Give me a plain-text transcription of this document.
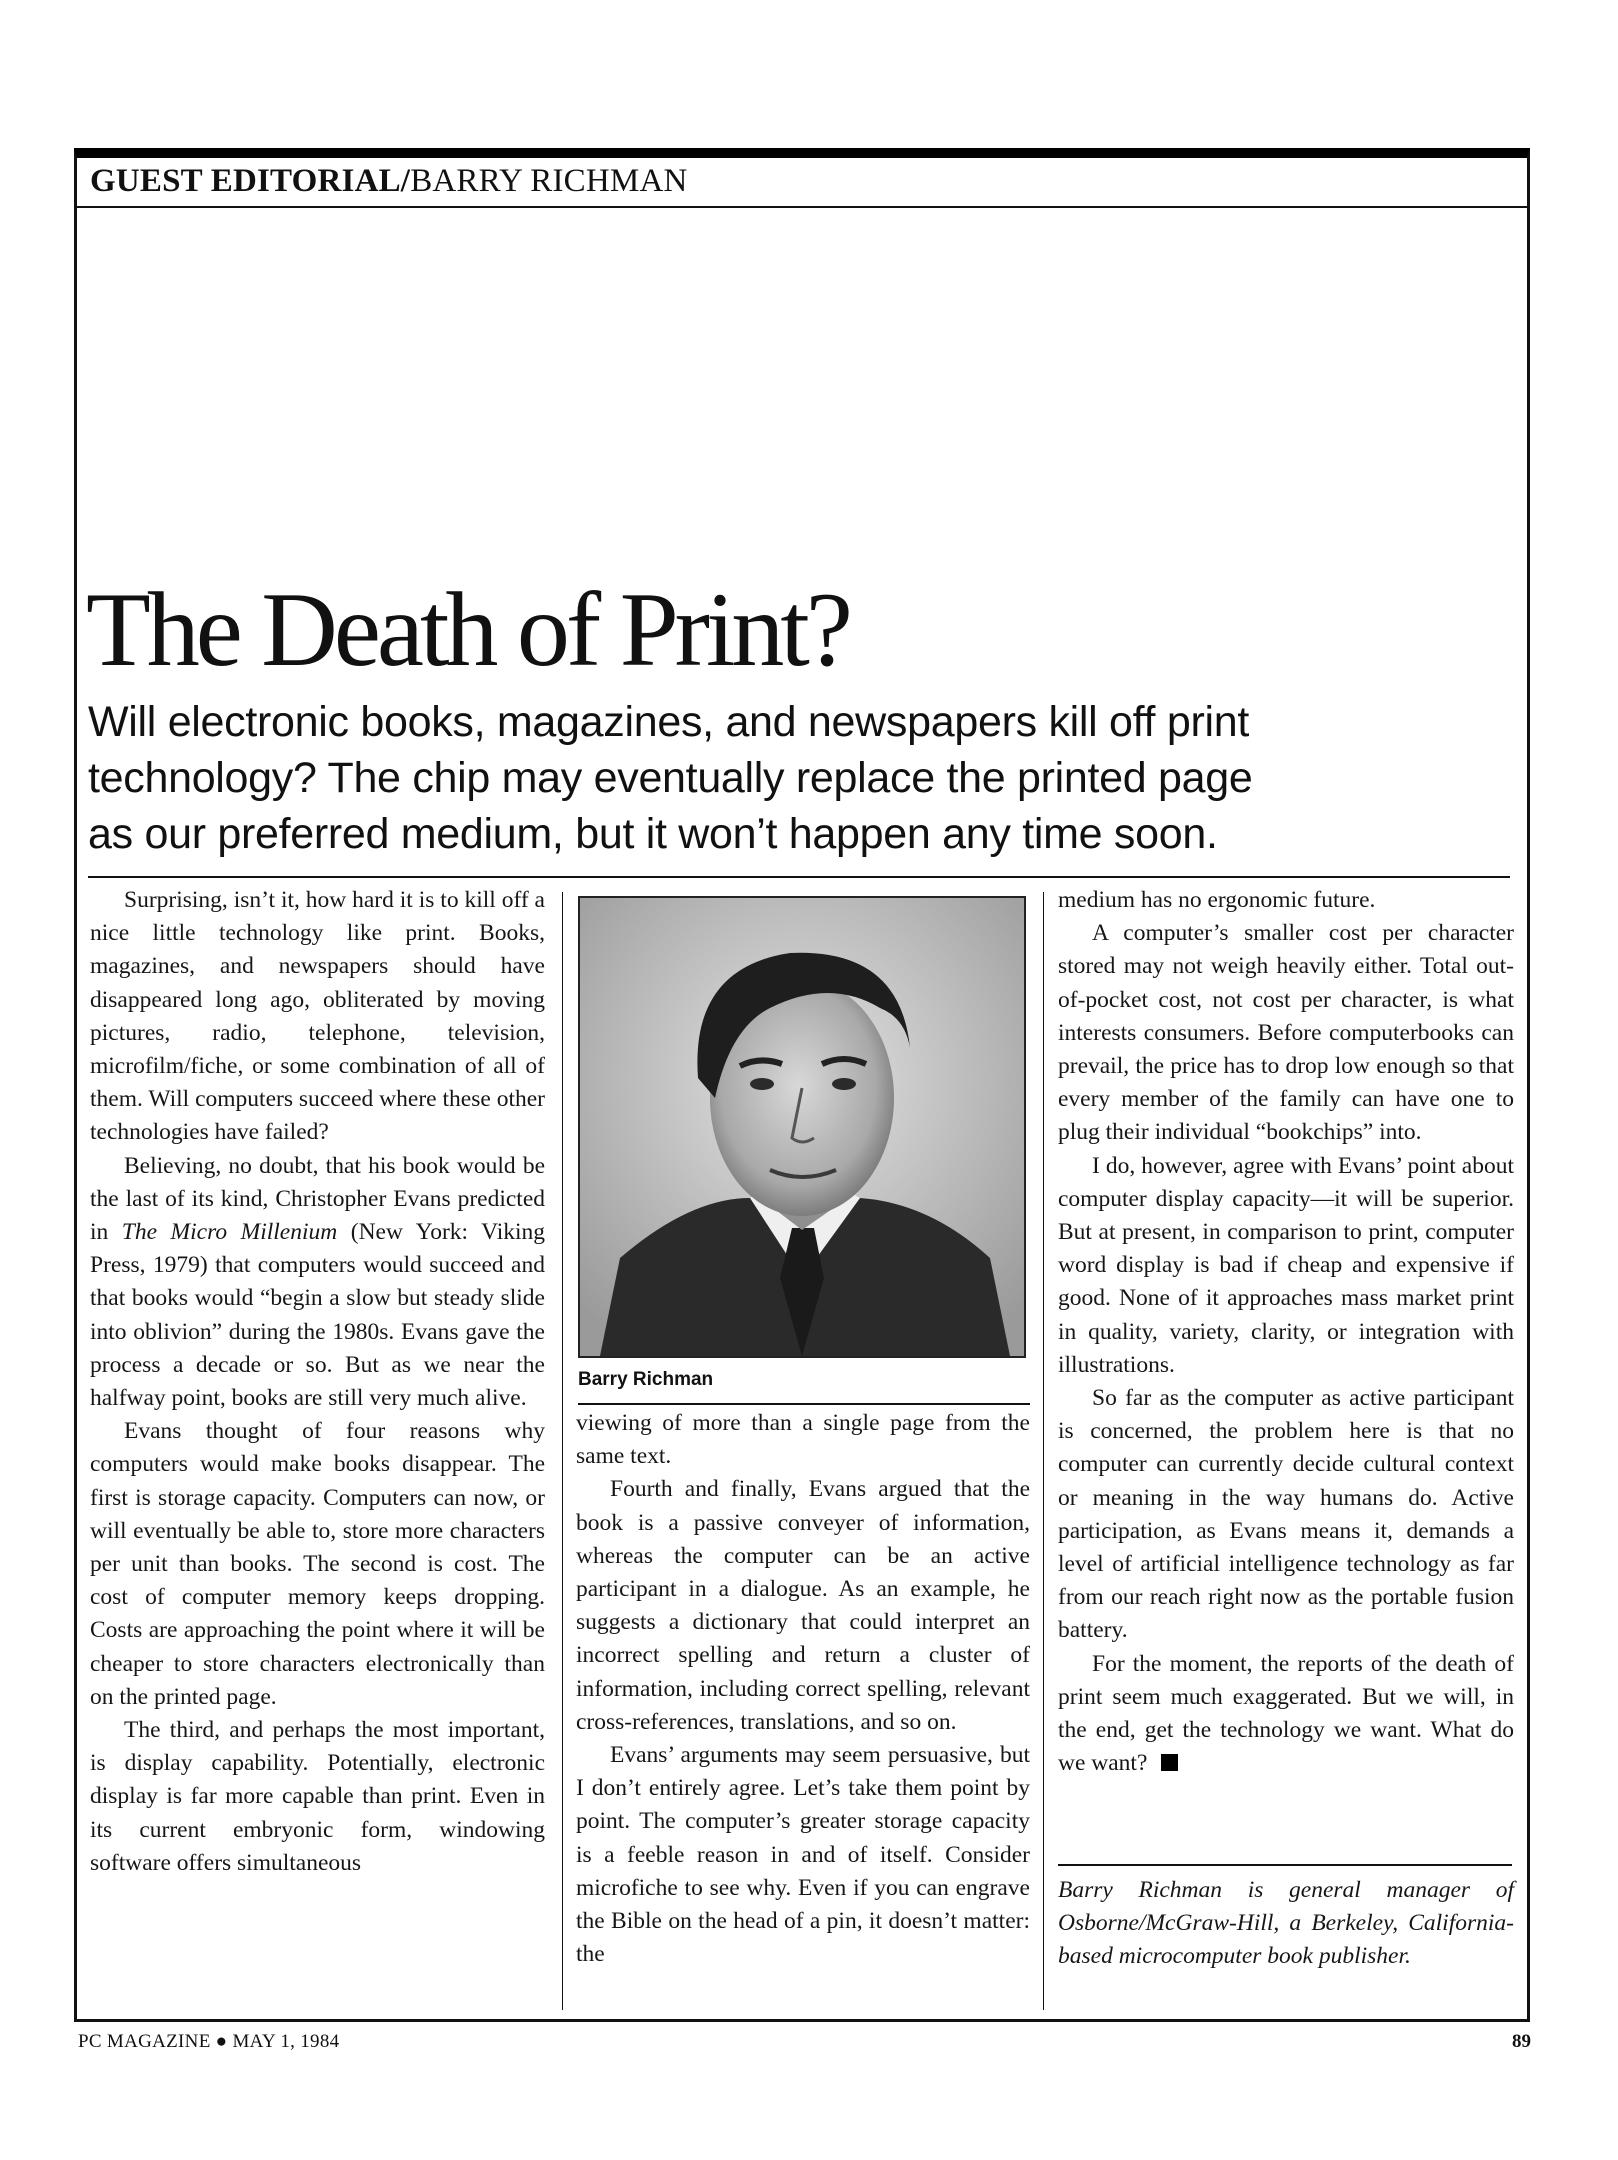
GUEST EDITORIAL/BARRY RICHMAN

The Death of Print?
Will electronic books, magazines, and newspapers kill off print
technology? The chip may eventually replace the printed page
as our preferred medium, but it won’t happen any time soon.

Surprising, isn’t it, how hard it is to kill off a nice little technology like print. Books, magazines, and newspapers should have disappeared long ago, obliterated by moving pictures, radio, telephone, television, microfilm/fiche, or some combination of all of them. Will computers succeed where these other technologies have failed?

Believing, no doubt, that his book would be the last of its kind, Christopher Evans predicted in The Micro Millenium (New York: Viking Press, 1979) that computers would succeed and that books would “begin a slow but steady slide into oblivion” during the 1980s. Evans gave the process a decade or so. But as we near the halfway point, books are still very much alive.

Evans thought of four reasons why computers would make books disappear. The first is storage capacity. Computers can now, or will eventually be able to, store more characters per unit than books. The second is cost. The cost of computer memory keeps dropping. Costs are approaching the point where it will be cheaper to store characters electronically than on the printed page.

The third, and perhaps the most important, is display capability. Potentially, electronic display is far more capable than print. Even in its current embryonic form, windowing software offers simultaneous

Barry Richman

viewing of more than a single page from the same text.

Fourth and finally, Evans argued that the book is a passive conveyer of information, whereas the computer can be an active participant in a dialogue. As an example, he suggests a dictionary that could interpret an incorrect spelling and return a cluster of information, including correct spelling, relevant cross-references, translations, and so on.

Evans’ arguments may seem persuasive, but I don’t entirely agree. Let’s take them point by point. The computer’s greater storage capacity is a feeble reason in and of itself. Consider microfiche to see why. Even if you can engrave the Bible on the head of a pin, it doesn’t matter: the

medium has no ergonomic future.

A computer’s smaller cost per character stored may not weigh heavily either. Total out-of-pocket cost, not cost per character, is what interests consumers. Before computerbooks can prevail, the price has to drop low enough so that every member of the family can have one to plug their individual “bookchips” into.

I do, however, agree with Evans’ point about computer display capacity—it will be superior. But at present, in comparison to print, computer word display is bad if cheap and expensive if good. None of it approaches mass market print in quality, variety, clarity, or integration with illustrations.

So far as the computer as active participant is concerned, the problem here is that no computer can currently decide cultural context or meaning in the way humans do. Active participation, as Evans means it, demands a level of artificial intelligence technology as far from our reach right now as the portable fusion battery.

For the moment, the reports of the death of print seem much exaggerated. But we will, in the end, get the technology we want. What do we want?

Barry Richman is general manager of Osborne/McGraw-Hill, a Berkeley, California-based microcomputer book publisher.

PC MAGAZINE ● MAY 1, 1984	89
